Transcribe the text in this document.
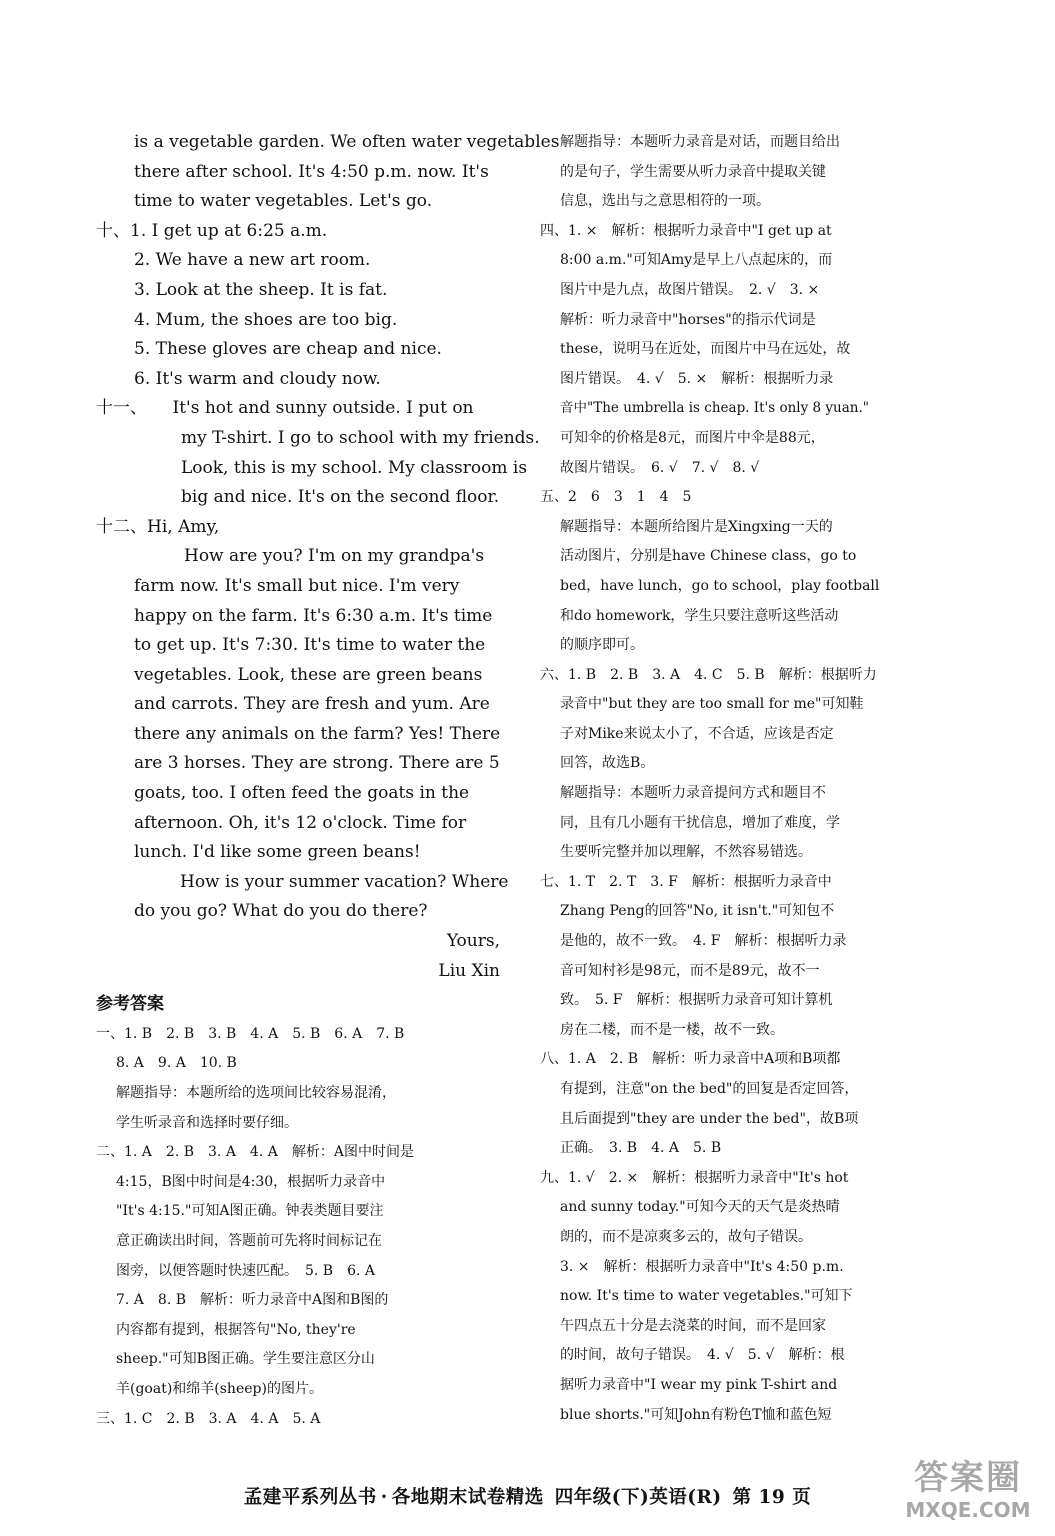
is a vegetable garden. We often water vegetables
there after school. It's 4:50 p.m. now. It's
time to water vegetables. Let's go.
十、1. I get up at 6:25 a.m.
2. We have a new art room.
3. Look at the sheep. It is fat.
4. Mum, the shoes are too big.
5. These gloves are cheap and nice.
6. It's warm and cloudy now.
十一、　　It's hot and sunny outside. I put on
my T-shirt. I go to school with my friends.
Look, this is my school. My classroom is
big and nice. It's on the second floor.
十二、Hi, Amy,
How are you? I'm on my grandpa's
farm now. It's small but nice. I'm very
happy on the farm. It's 6:30 a.m. It's time
to get up. It's 7:30. It's time to water the
vegetables. Look, these are green beans
and carrots. They are fresh and yum. Are
there any animals on the farm? Yes! There
are 3 horses. They are strong. There are 5
goats, too. I often feed the goats in the
afternoon. Oh, it's 12 o'clock. Time for
lunch. I'd like some green beans!
How is your summer vacation? Where
do you go? What do you do there?
Yours,
Liu Xin
参考答案
一、1. B　2. B　3. B　4. A　5. B　6. A　7. B
8. A　9. A　10. B
解题指导：本题所给的选项间比较容易混淆，
学生听录音和选择时要仔细。
二、1. A　2. B　3. A　4. A　解析：A图中时间是
4:15，B图中时间是4:30，根据听力录音中
"It's 4:15."可知A图正确。钟表类题目要注
意正确读出时间，答题前可先将时间标记在
图旁，以便答题时快速匹配。　5. B　6. A
7. A　8. B　解析：听力录音中A图和B图的
内容都有提到，根据答句"No, they're
sheep."可知B图正确。学生要注意区分山
羊(goat)和绵羊(sheep)的图片。
三、1. C　2. B　3. A　4. A　5. A
解题指导：本题听力录音是对话，而题目给出
的是句子，学生需要从听力录音中提取关键
信息，选出与之意思相符的一项。
四、1. ×　解析：根据听力录音中"I get up at
8:00 a.m."可知Amy是早上八点起床的，而
图片中是九点，故图片错误。　2. √　3. ×
解析：听力录音中"horses"的指示代词是
these，说明马在近处，而图片中马在远处，故
图片错误。　4. √　5. ×　解析：根据听力录
音中"The umbrella is cheap. It's only 8 yuan."
可知伞的价格是8元，而图片中伞是88元，
故图片错误。　6. √　7. √　8. √
五、2　6　3　1　4　5
解题指导：本题所给图片是Xingxing一天的
活动图片，分别是have Chinese class，go to
bed，have lunch，go to school，play football
和do homework，学生只要注意听这些活动
的顺序即可。
六、1. B　2. B　3. A　4. C　5. B　解析：根据听力
录音中"but they are too small for me"可知鞋
子对Mike来说太小了，不合适，应该是否定
回答，故选B。
解题指导：本题听力录音提问方式和题目不
同，且有几小题有干扰信息，增加了难度，学
生要听完整并加以理解，不然容易错选。
七、1. T　2. T　3. F　解析：根据听力录音中
Zhang Peng的回答"No, it isn't."可知包不
是他的，故不一致。　4. F　解析：根据听力录
音可知村衫是98元，而不是89元，故不一
致。　5. F　解析：根据听力录音可知计算机
房在二楼，而不是一楼，故不一致。
八、1. A　2. B　解析：听力录音中A项和B项都
有提到，注意"on the bed"的回复是否定回答，
且后面提到"they are under the bed"，故B项
正确。　3. B　4. A　5. B
九、1. √　2. ×　解析：根据听力录音中"It's hot
and sunny today."可知今天的天气是炎热晴
朗的，而不是凉爽多云的，故句子错误。
3. ×　解析：根据听力录音中"It's 4:50 p.m.
now. It's time to water vegetables."可知下
午四点五十分是去浇菜的时间，而不是回家
的时间，故句子错误。　4. √　5. √　解析：根
据听力录音中"I wear my pink T-shirt and
blue shorts."可知John有粉色T恤和蓝色短
孟建平系列丛书 · 各地期末试卷精选 四年级(下)英语(R) 第 19 页	答案圈
MXQE.COM
